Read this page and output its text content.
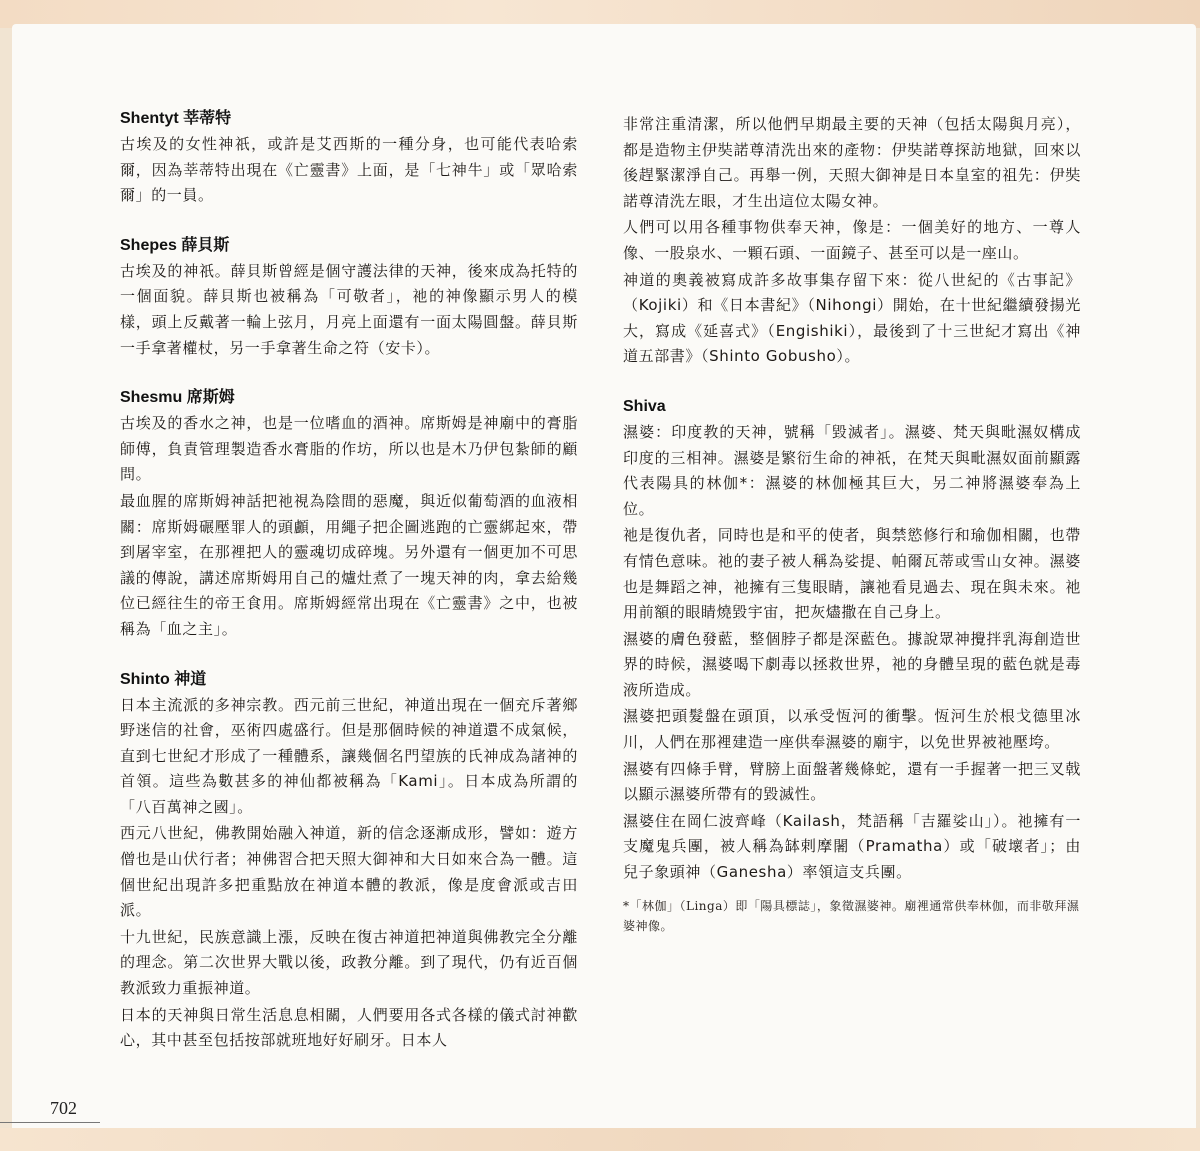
Shentyt 莘蒂特

古埃及的女性神祇，或許是艾西斯的一種分身，也可能代表哈索爾，因為莘蒂特出現在《亡靈書》上面，是「七神牛」或「眾哈索爾」的一員。

Shepes 薛貝斯

古埃及的神祇。薛貝斯曾經是個守護法律的天神，後來成為托特的一個面貌。薛貝斯也被稱為「可敬者」，祂的神像顯示男人的模樣，頭上反戴著一輪上弦月，月亮上面還有一面太陽圓盤。薛貝斯一手拿著權杖，另一手拿著生命之符（安卡）。

Shesmu 席斯姆

古埃及的香水之神，也是一位嗜血的酒神。席斯姆是神廟中的膏脂師傅，負責管理製造香水膏脂的作坊，所以也是木乃伊包紮師的顧問。

最血腥的席斯姆神話把祂視為陰間的惡魔，與近似葡萄酒的血液相關：席斯姆碾壓罪人的頭顱，用繩子把企圖逃跑的亡靈綁起來，帶到屠宰室，在那裡把人的靈魂切成碎塊。另外還有一個更加不可思議的傳說，講述席斯姆用自己的爐灶煮了一塊天神的肉，拿去給幾位已經往生的帝王食用。席斯姆經常出現在《亡靈書》之中，也被稱為「血之主」。

Shinto 神道

日本主流派的多神宗教。西元前三世紀，神道出現在一個充斥著鄉野迷信的社會，巫術四處盛行。但是那個時候的神道還不成氣候，直到七世紀才形成了一種體系，讓幾個名門望族的氏神成為諸神的首領。這些為數甚多的神仙都被稱為「Kami」。日本成為所謂的「八百萬神之國」。

西元八世紀，佛教開始融入神道，新的信念逐漸成形，譬如：遊方僧也是山伏行者；神佛習合把天照大御神和大日如來合為一體。這個世紀出現許多把重點放在神道本體的教派，像是度會派或吉田派。

十九世紀，民族意識上漲，反映在復古神道把神道與佛教完全分離的理念。第二次世界大戰以後，政教分離。到了現代，仍有近百個教派致力重振神道。

日本的天神與日常生活息息相關，人們要用各式各樣的儀式討神歡心，其中甚至包括按部就班地好好刷牙。日本人

非常注重清潔，所以他們早期最主要的天神（包括太陽與月亮），都是造物主伊奘諾尊清洗出來的產物：伊奘諾尊探訪地獄，回來以後趕緊潔淨自己。再舉一例，天照大御神是日本皇室的祖先：伊奘諾尊清洗左眼，才生出這位太陽女神。

人們可以用各種事物供奉天神，像是：一個美好的地方、一尊人像、一股泉水、一顆石頭、一面鏡子、甚至可以是一座山。

神道的奧義被寫成許多故事集存留下來：從八世紀的《古事記》（Kojiki）和《日本書紀》（Nihongi）開始，在十世紀繼續發揚光大，寫成《延喜式》（Engishiki），最後到了十三世紀才寫出《神道五部書》（Shinto Gobusho）。

Shiva

濕婆：印度教的天神，號稱「毀滅者」。濕婆、梵天與毗濕奴構成印度的三相神。濕婆是繁衍生命的神祇，在梵天與毗濕奴面前顯露代表陽具的林伽*：濕婆的林伽極其巨大，另二神將濕婆奉為上位。

祂是復仇者，同時也是和平的使者，與禁慾修行和瑜伽相關，也帶有情色意味。祂的妻子被人稱為娑提、帕爾瓦蒂或雪山女神。濕婆也是舞蹈之神，祂擁有三隻眼睛，讓祂看見過去、現在與未來。祂用前額的眼睛燒毀宇宙，把灰燼撒在自己身上。

濕婆的膚色發藍，整個脖子都是深藍色。據說眾神攪拌乳海創造世界的時候，濕婆喝下劇毒以拯救世界，祂的身體呈現的藍色就是毒液所造成。

濕婆把頭髮盤在頭頂，以承受恆河的衝擊。恆河生於根戈德里冰川，人們在那裡建造一座供奉濕婆的廟宇，以免世界被祂壓垮。

濕婆有四條手臂，臂膀上面盤著幾條蛇，還有一手握著一把三叉戟以顯示濕婆所帶有的毀滅性。

濕婆住在岡仁波齊峰（Kailash，梵語稱「吉羅娑山」）。祂擁有一支魔鬼兵團，被人稱為缽剌摩闍（Pramatha）或「破壞者」；由兒子象頭神（Ganesha）率領這支兵團。

*「林伽」（Linga）即「陽具標誌」，象徵濕婆神。廟裡通常供奉林伽，而非敬拜濕婆神像。
702
